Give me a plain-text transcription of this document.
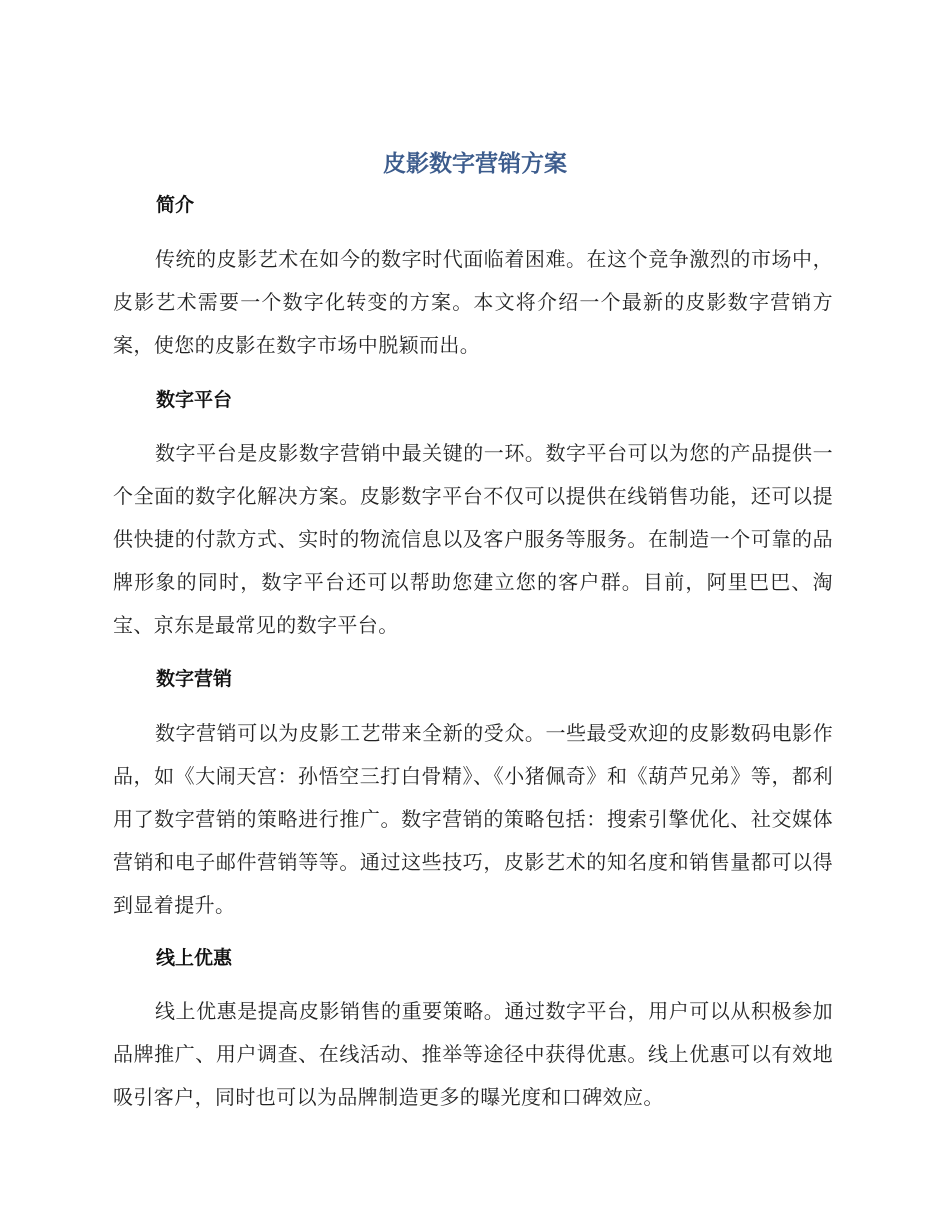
皮影数字营销方案
简介

传统的皮影艺术在如今的数字时代面临着困难。在这个竞争激烈的市场中，皮影艺术需要一个数字化转变的方案。本文将介绍一个最新的皮影数字营销方案，使您的皮影在数字市场中脱颖而出。

数字平台

数字平台是皮影数字营销中最关键的一环。数字平台可以为您的产品提供一个全面的数字化解决方案。皮影数字平台不仅可以提供在线销售功能，还可以提供快捷的付款方式、实时的物流信息以及客户服务等服务。在制造一个可靠的品牌形象的同时，数字平台还可以帮助您建立您的客户群。目前，阿里巴巴、淘宝、京东是最常见的数字平台。

数字营销

数字营销可以为皮影工艺带来全新的受众。一些最受欢迎的皮影数码电影作品，如《大闹天宫：孙悟空三打白骨精》、《小猪佩奇》和《葫芦兄弟》等，都利用了数字营销的策略进行推广。数字营销的策略包括：搜索引擎优化、社交媒体营销和电子邮件营销等等。通过这些技巧，皮影艺术的知名度和销售量都可以得到显着提升。

线上优惠

线上优惠是提高皮影销售的重要策略。通过数字平台，用户可以从积极参加品牌推广、用户调查、在线活动、推举等途径中获得优惠。线上优惠可以有效地吸引客户，同时也可以为品牌制造更多的曝光度和口碑效应。
